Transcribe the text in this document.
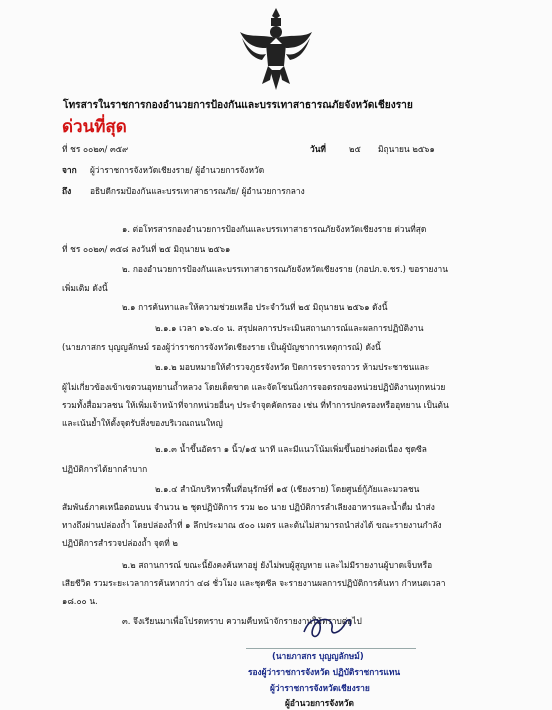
โทรสารในราชการกองอำนวยการป้องกันและบรรเทาสาธารณภัยจังหวัดเชียงราย
ด่วนที่สุด
ที่ ชร ๐๐๒๓/ ๓๕๙	วันที่	๒๕ มิถุนายน ๒๕๖๑
จาก ผู้ว่าราชการจังหวัดเชียงราย/ ผู้อำนวยการจังหวัด
ถึง อธิบดีกรมป้องกันและบรรเทาสาธารณภัย/ ผู้อำนวยการกลาง
๑. ต่อโทรสารกองอำนวยการป้องกันและบรรเทาสาธารณภัยจังหวัดเชียงราย ด่วนที่สุด
ที่ ชร ๐๐๒๓/ ๓๕๘ ลงวันที่ ๒๕ มิถุนายน ๒๕๖๑
๒. กองอำนวยการป้องกันและบรรเทาสาธารณภัยจังหวัดเชียงราย (กอปภ.จ.ชร.) ขอรายงาน
เพิ่มเติม ดังนี้
๒.๑ การค้นหาและให้ความช่วยเหลือ ประจำวันที่ ๒๕ มิถุนายน ๒๕๖๑ ดังนี้
๒.๑.๑ เวลา ๑๖.๔๐ น. สรุปผลการประเมินสถานการณ์และผลการปฏิบัติงาน
(นายภาสกร บุญญลักษม์ รองผู้ว่าราชการจังหวัดเชียงราย เป็นผู้บัญชาการเหตุการณ์) ดังนี้
๒.๑.๒ มอบหมายให้ตำรวจภูธรจังหวัด ปิดการจราจรถาวร ห้ามประชาชนและ
ผู้ไม่เกี่ยวข้องเข้าเขตวนอุทยานถ้ำหลวง โดยเด็ดขาด และจัดโซนนิ่งการจอดรถของหน่วยปฏิบัติงานทุกหน่วย
รวมทั้งสื่อมวลชน ให้เพิ่มเจ้าหน้าที่จากหน่วยอื่นๆ ประจำจุดคัดกรอง เช่น ที่ทำการปกครองหรืออุทยาน เป็นต้น
และเน้นย้ำให้ตั้งจุดรับสิ่งของบริเวณถนนใหญ่
๒.๑.๓ น้ำขึ้นอัตรา ๑ นิ้ว/๑๕ นาที และมีแนวโน้มเพิ่มขึ้นอย่างต่อเนื่อง ชุดซีล
ปฏิบัติการได้ยากลำบาก
๒.๑.๔ สำนักบริหารพื้นที่อนุรักษ์ที่ ๑๕ (เชียงราย) โดยศูนย์กู้ภัยและมวลชน
สัมพันธ์ภาคเหนือตอนบน จำนวน ๒ ชุดปฏิบัติการ รวม ๒๐ นาย ปฏิบัติการลำเลียงอาหารและน้ำดื่ม นำส่ง
ทางถึงผ่านปล่องถ้ำ โดยปล่องถ้ำที่ ๑ ลึกประมาณ ๕๐๐ เมตร และต้นไม่สามารถนำส่งได้ ขณะรายงานกำลัง
ปฏิบัติการสำรวจปล่องถ้ำ จุดที่ ๒
๒.๒ สถานการณ์ ขณะนี้ยังคงค้นหาอยู่ ยังไม่พบผู้สูญหาย และไม่มีรายงานผู้บาดเจ็บหรือ
เสียชีวิต รวมระยะเวลาการค้นหากว่า ๔๘ ชั่วโมง และชุดซีล จะรายงานผลการปฏิบัติการค้นหา กำหนดเวลา
๑๘.๐๐ น.
๓. จึงเรียนมาเพื่อโปรดทราบ ความคืบหน้าจักรายงานให้ทราบต่อไป
(นายภาสกร บุญญลักษม์)
รองผู้ว่าราชการจังหวัด ปฏิบัติราชการแทน
ผู้ว่าราชการจังหวัดเชียงราย
ผู้อำนวยการจังหวัด
